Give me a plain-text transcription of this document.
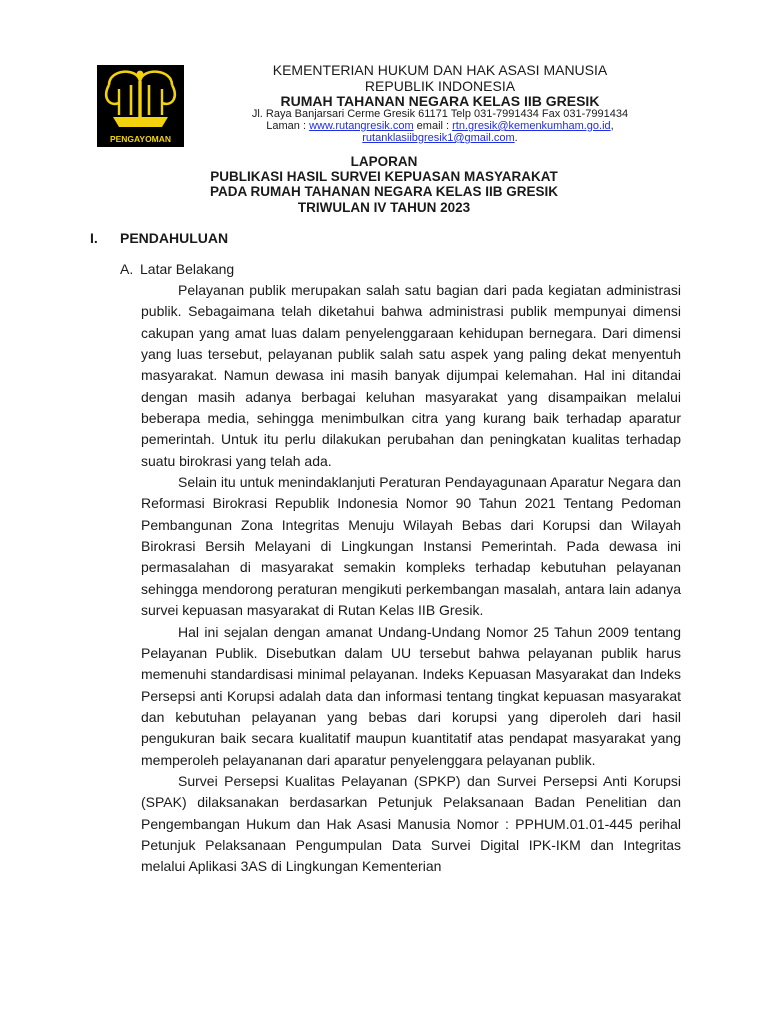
PENGAYOMAN
KEMENTERIAN HUKUM DAN HAK ASASI MANUSIA
REPUBLIK INDONESIA
RUMAH TAHANAN NEGARA KELAS IIB GRESIK
Jl. Raya Banjarsari Cerme Gresik 61171 Telp 031-7991434 Fax 031-7991434
Laman : www.rutangresik.com email : rtn.gresik@kemenkumham.go.id,
rutanklasiibgresik1@gmail.com.
LAPORAN
PUBLIKASI HASIL SURVEI KEPUASAN MASYARAKAT
PADA RUMAH TAHANAN NEGARA KELAS IIB GRESIK
TRIWULAN IV TAHUN 2023
I. PENDAHULUAN
A. Latar Belakang

Pelayanan publik merupakan salah satu bagian dari pada kegiatan administrasi publik. Sebagaimana telah diketahui bahwa administrasi publik mempunyai dimensi cakupan yang amat luas dalam penyelenggaraan kehidupan bernegara. Dari dimensi yang luas tersebut, pelayanan publik salah satu aspek yang paling dekat menyentuh masyarakat. Namun dewasa ini masih banyak dijumpai kelemahan. Hal ini ditandai dengan masih adanya berbagai keluhan masyarakat yang disampaikan melalui beberapa media, sehingga menimbulkan citra yang kurang baik terhadap aparatur pemerintah. Untuk itu perlu dilakukan perubahan dan peningkatan kualitas terhadap suatu birokrasi yang telah ada.

Selain itu untuk menindaklanjuti Peraturan Pendayagunaan Aparatur Negara dan Reformasi Birokrasi Republik Indonesia Nomor 90 Tahun 2021 Tentang Pedoman Pembangunan Zona Integritas Menuju Wilayah Bebas dari Korupsi dan Wilayah Birokrasi Bersih Melayani di Lingkungan Instansi Pemerintah. Pada dewasa ini permasalahan di masyarakat semakin kompleks terhadap kebutuhan pelayanan sehingga mendorong peraturan mengikuti perkembangan masalah, antara lain adanya survei kepuasan masyarakat di Rutan Kelas IIB Gresik.

Hal ini sejalan dengan amanat Undang-Undang Nomor 25 Tahun 2009 tentang Pelayanan Publik. Disebutkan dalam UU tersebut bahwa pelayanan publik harus memenuhi standardisasi minimal pelayanan. Indeks Kepuasan Masyarakat dan Indeks Persepsi anti Korupsi adalah data dan informasi tentang tingkat kepuasan masyarakat dan kebutuhan pelayanan yang bebas dari korupsi yang diperoleh dari hasil pengukuran baik secara kualitatif maupun kuantitatif atas pendapat masyarakat yang memperoleh pelayananan dari aparatur penyelenggara pelayanan publik.

Survei Persepsi Kualitas Pelayanan (SPKP) dan Survei Persepsi Anti Korupsi (SPAK) dilaksanakan berdasarkan Petunjuk Pelaksanaan Badan Penelitian dan Pengembangan Hukum dan Hak Asasi Manusia Nomor : PPHUM.01.01-445 perihal Petunjuk Pelaksanaan Pengumpulan Data Survei Digital IPK-IKM dan Integritas melalui Aplikasi 3AS di Lingkungan Kementerian
